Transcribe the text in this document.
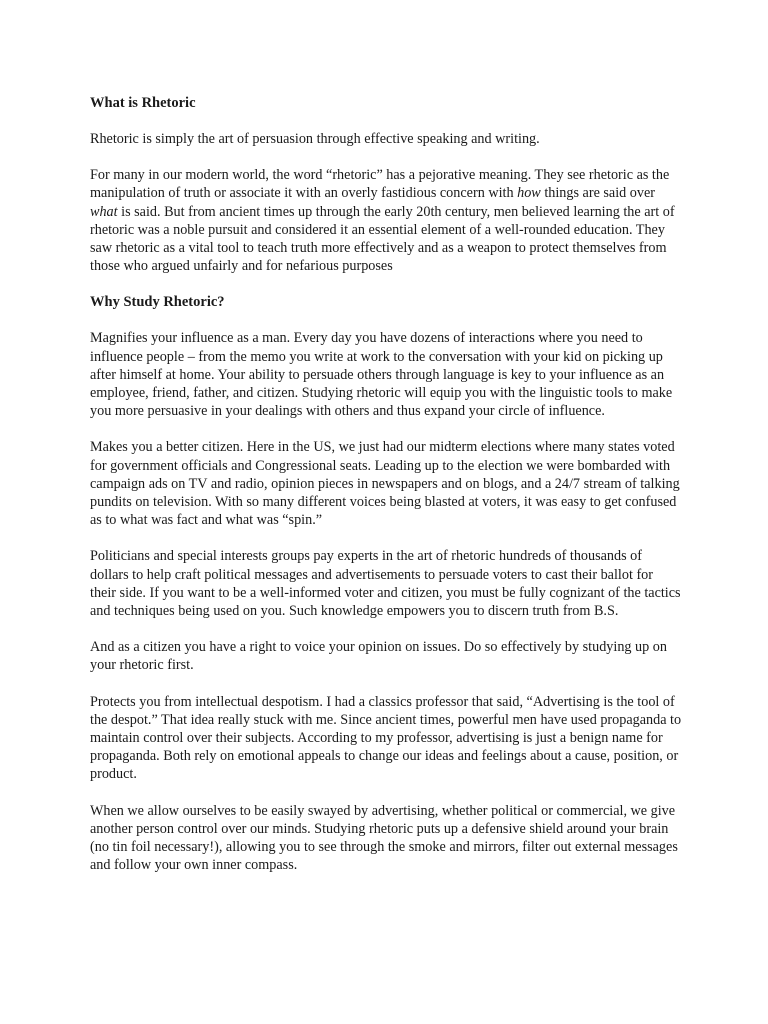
What is Rhetoric

Rhetoric is simply the art of persuasion through effective speaking and writing.

For many in our modern world, the word “rhetoric” has a pejorative meaning. They see rhetoric as the manipulation of truth or associate it with an overly fastidious concern with how things are said over what is said. But from ancient times up through the early 20th century, men believed learning the art of rhetoric was a noble pursuit and considered it an essential element of a well-rounded education. They saw rhetoric as a vital tool to teach truth more effectively and as a weapon to protect themselves from those who argued unfairly and for nefarious purposes

Why Study Rhetoric?

Magnifies your influence as a man. Every day you have dozens of interactions where you need to influence people – from the memo you write at work to the conversation with your kid on picking up after himself at home. Your ability to persuade others through language is key to your influence as an employee, friend, father, and citizen. Studying rhetoric will equip you with the linguistic tools to make you more persuasive in your dealings with others and thus expand your circle of influence.

Makes you a better citizen. Here in the US, we just had our midterm elections where many states voted for government officials and Congressional seats. Leading up to the election we were bombarded with campaign ads on TV and radio, opinion pieces in newspapers and on blogs, and a 24/7 stream of talking pundits on television. With so many different voices being blasted at voters, it was easy to get confused as to what was fact and what was “spin.”

Politicians and special interests groups pay experts in the art of rhetoric hundreds of thousands of dollars to help craft political messages and advertisements to persuade voters to cast their ballot for their side. If you want to be a well-informed voter and citizen, you must be fully cognizant of the tactics and techniques being used on you. Such knowledge empowers you to discern truth from B.S.

And as a citizen you have a right to voice your opinion on issues. Do so effectively by studying up on your rhetoric first.

Protects you from intellectual despotism. I had a classics professor that said, “Advertising is the tool of the despot.” That idea really stuck with me. Since ancient times, powerful men have used propaganda to maintain control over their subjects. According to my professor, advertising is just a benign name for propaganda. Both rely on emotional appeals to change our ideas and feelings about a cause, position, or product.

When we allow ourselves to be easily swayed by advertising, whether political or commercial, we give another person control over our minds. Studying rhetoric puts up a defensive shield around your brain (no tin foil necessary!), allowing you to see through the smoke and mirrors, filter out external messages and follow your own inner compass.
